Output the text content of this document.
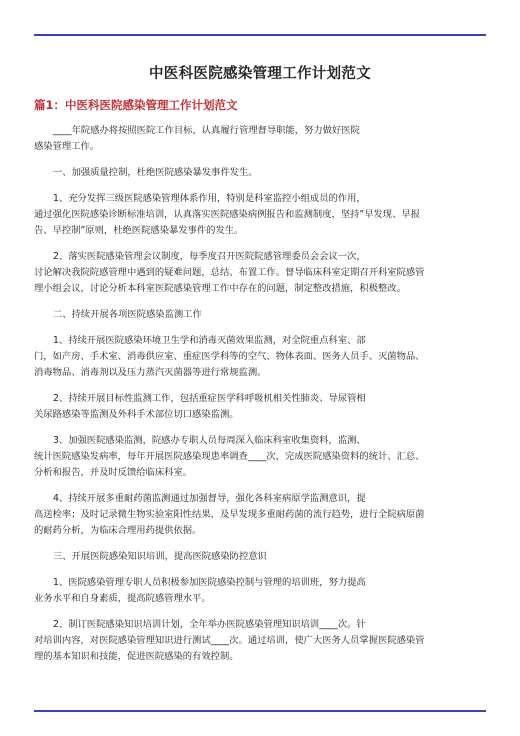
中医科医院感染管理工作计划范文
篇1：中医科医院感染管理工作计划范文
____年院感办将按照医院工作目标，认真履行管理督导职能，努力做好医院
感染管理工作。
一、加强质量控制，杜绝医院感染暴发事件发生。
1、充分发挥三级医院感染管理体系作用，特别是科室监控小组成员的作用，
通过强化医院感染诊断标准培训，认真落实医院感染病例报告和监测制度，坚持”早发现、早报
告、早控制”原则，杜绝医院感染暴发事件的发生。
2、落实医院感染管理会议制度，每季度召开医院院感管理委员会会议一次，
讨论解决我院院感管理中遇到的疑难问题，总结、布置工作。督导临床科室定期召开科室院感管
理小组会议，讨论分析本科室医院感染管理工作中存在的问题，制定整改措施，积极整改。
二、持续开展各项医院感染监测工作
1、持续开展医院感染环境卫生学和消毒灭菌效果监测，对全院重点科室、部
门，如产房、手术室、消毒供应室、重症医学科等的空气、物体表面、医务人员手、灭菌物品、
消毒物品、消毒剂以及压力蒸汽灭菌器等进行常规监测。
2、持续开展目标性监测工作，包括重症医学科呼吸机相关性肺炎、导尿管相
关尿路感染等监测及外科手术部位切口感染监测。
3、加强医院感染监测，院感办专职人员每周深入临床科室收集资料，监测、
统计医院感染发病率，每年开展医院感染现患率调查____次，完成医院感染资料的统计、汇总、
分析和报告，并及时反馈给临床科室。
4、持续开展多重耐药菌监测通过加强督导，强化各科室病原学监测意识，提
高送检率；及时记录微生物实验室阳性结果，及早发现多重耐药菌的流行趋势，进行全院病原菌
的耐药分析，为临床合理用药提供依据。
三、开展医院感染知识培训，提高医院感染防控意识
1、医院感染管理专职人员积极参加医院感染控制与管理的培训班，努力提高
业务水平和自身素质，提高院感管理水平。
2、制订医院感染知识培训计划，全年举办医院感染管理知识培训____次。针
对培训内容，对医院感染管理知识进行测试____次。通过培训，使广大医务人员掌握医院感染管
理的基本知识和技能，促进医院感染的有效控制。
